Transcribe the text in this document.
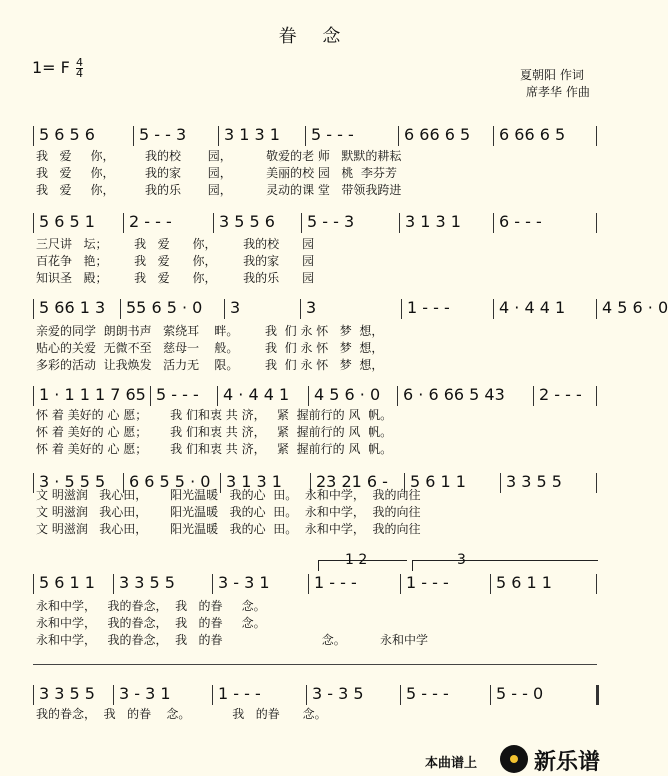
眷 念
1= F $\frac{4}{4}$	夏朝阳 作词
席孝华 作曲
5 6 5 6	5 - - 3 3 1 3 1 5 - - -	6 66 6 5 6 66 6 5
我   爱     你，        我的校       园，         敬爱的老 师   默默的耕耘
我   爱     你，        我的家       园，         美丽的校 园   桃  李芬芳
我   爱     你，        我的乐       园，         灵动的课 堂   带领我跨进
5 6 5 1 2 - - -	3 5 5 6 5 - - 3	3 1 3 1 6 - - -
三尺讲   坛；       我   爱      你，       我的校      园
百花争   艳；       我   爱      你，       我的家      园
知识圣   殿；       我   爱      你，       我的乐      园
5 66 1 3 55 6 5 · 0 3	3	1 - - -	4 · 4 4 1 4 5 6 · 0
亲爱的同学  朗朗书声   萦绕耳    畔。       我  们 永 怀   梦  想，
贴心的关爱  无微不至   慈母一    般。       我  们 永 怀   梦  想，
多彩的活动  让我焕发   活力无    限。       我  们 永 怀   梦  想，
1 · 1 1 1 7 65 5 - - - 4 · 4 4 1 4 5 6 · 0 6 · 6 66 5 43 2 - - -
怀 着 美好的 心 愿；      我 们和衷 共 济，   紧  握前行的 风  帆。
怀 着 美好的 心 愿；      我 们和衷 共 济，   紧  握前行的 风  帆。
怀 着 美好的 心 愿；      我 们和衷 共 济，   紧  握前行的 风  帆。
3 · 5 5 5 6 6 5 5 · 0 3 1 3 1 23 21 6 - 5 6 1 1	3 3 5 5
文 明滋润   我心田，      阳光温暖   我的心  田。  永和中学，  我的向往
文 明滋润   我心田，      阳光温暖   我的心  田。  永和中学，  我的向往
文 明滋润   我心田，      阳光温暖   我的心  田。  永和中学，  我的向往
5 6 1 1 3 3 5 5	3 - 3 1	1 - - -	1 - - -	5 6 1 1
永和中学，   我的眷念，  我   的眷     念。
永和中学，   我的眷念，  我   的眷     念。
永和中学，   我的眷念，  我   的眷                          念。         永和中学
3 3 5 5 3 - 3 1	1 - - -	3 - 3 5	5 - - -	5 - - 0
我的眷念，  我   的眷    念。           我   的眷      念。
1 2	3
本曲谱上	新乐谱
